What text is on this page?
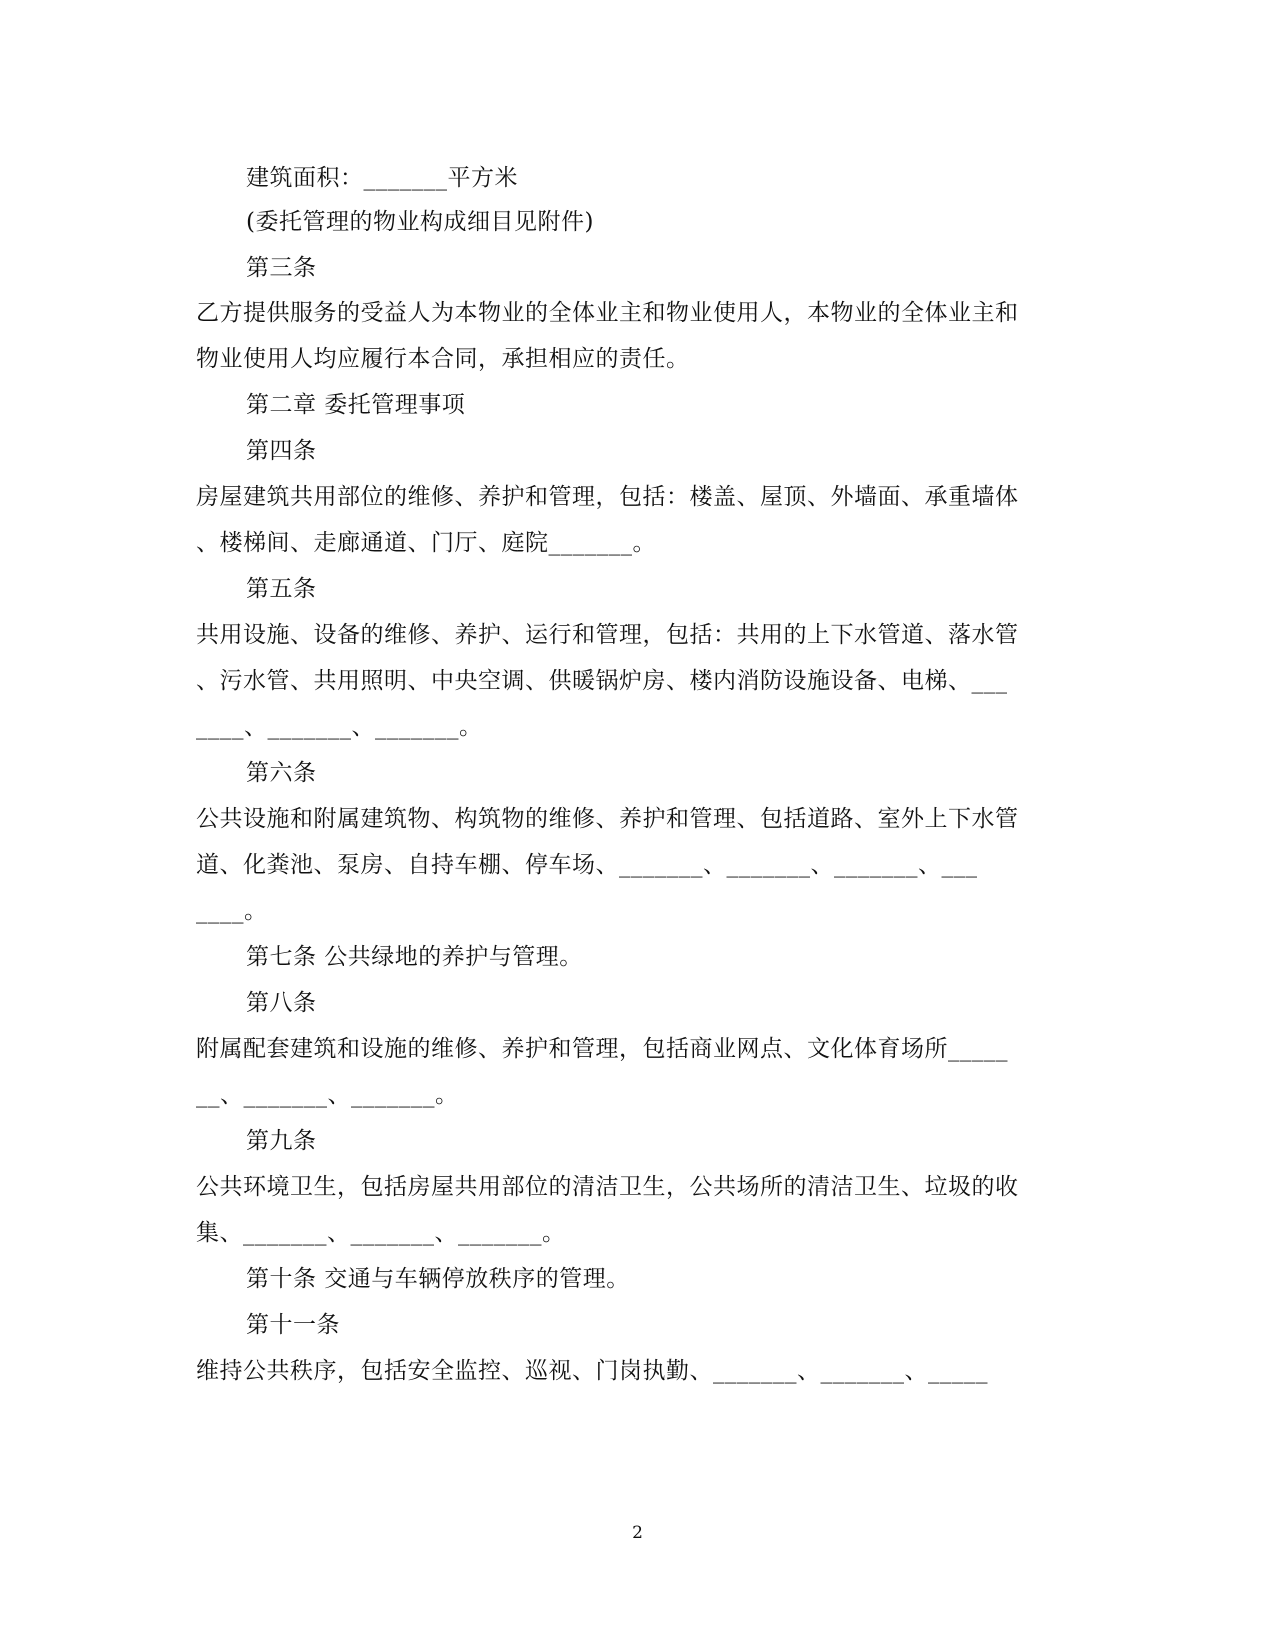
建筑面积：_______平方米
(委托管理的物业构成细目见附件)
第三条
乙方提供服务的受益人为本物业的全体业主和物业使用人，本物业的全体业主和
物业使用人均应履行本合同，承担相应的责任。
第二章 委托管理事项
第四条
房屋建筑共用部位的维修、养护和管理，包括：楼盖、屋顶、外墙面、承重墙体
、楼梯间、走廊通道、门厅、庭院_______。
第五条
共用设施、设备的维修、养护、运行和管理，包括：共用的上下水管道、落水管
、污水管、共用照明、中央空调、供暖锅炉房、楼内消防设施设备、电梯、___
____、_______、_______。
第六条
公共设施和附属建筑物、构筑物的维修、养护和管理、包括道路、室外上下水管
道、化粪池、泵房、自持车棚、停车场、_______、_______、_______、___
____。
第七条 公共绿地的养护与管理。
第八条
附属配套建筑和设施的维修、养护和管理，包括商业网点、文化体育场所_____
__、_______、_______。
第九条
公共环境卫生，包括房屋共用部位的清洁卫生，公共场所的清洁卫生、垃圾的收
集、_______、_______、_______。
第十条 交通与车辆停放秩序的管理。
第十一条
维持公共秩序，包括安全监控、巡视、门岗执勤、_______、_______、_____
2
